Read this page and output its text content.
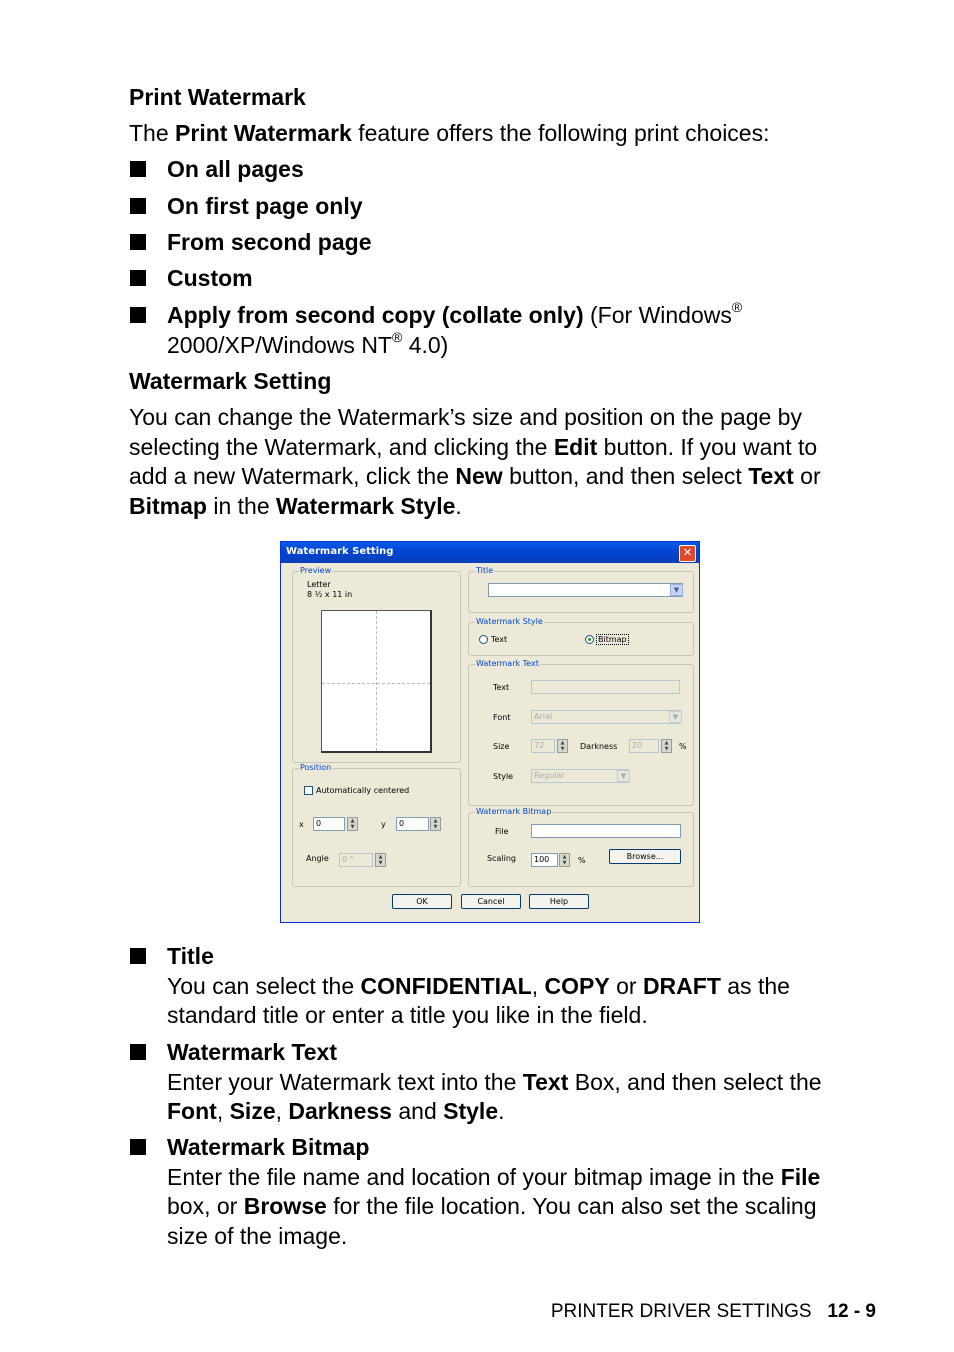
Print Watermark
The Print Watermark feature offers the following print choices:
On all pages
On first page only
From second page
Custom
Apply from second copy (collate only) (For Windows®
2000/XP/Windows NT® 4.0)
Watermark Setting
You can change the Watermark’s size and position on the page by
selecting the Watermark, and clicking the Edit button. If you want to
add a new Watermark, click the New button, and then select Text or
Bitmap in the Watermark Style.
Watermark Setting	✕
Preview
Letter
8 ½ x 11 in
Position
Automatically centered
x	0	▲
▼	y	0	▲
▼
Angle	0 °	▲
▼
Title
▼
Watermark Style
Text	Bitmap
Watermark Text
Text
Font	Arial	▼
Size	72	▲
▼	Darkness	20	▲
▼	%
Style	Regular	▼
Watermark Bitmap
File
Scaling	100	▲
▼	%	Browse...
OK	Cancel	Help
Title
You can select the CONFIDENTIAL, COPY or DRAFT as the
standard title or enter a title you like in the field.
Watermark Text
Enter your Watermark text into the Text Box, and then select the
Font, Size, Darkness and Style.
Watermark Bitmap
Enter the file name and location of your bitmap image in the File
box, or Browse for the file location. You can also set the scaling
size of the image.
PRINTER DRIVER SETTINGS 12 - 9
